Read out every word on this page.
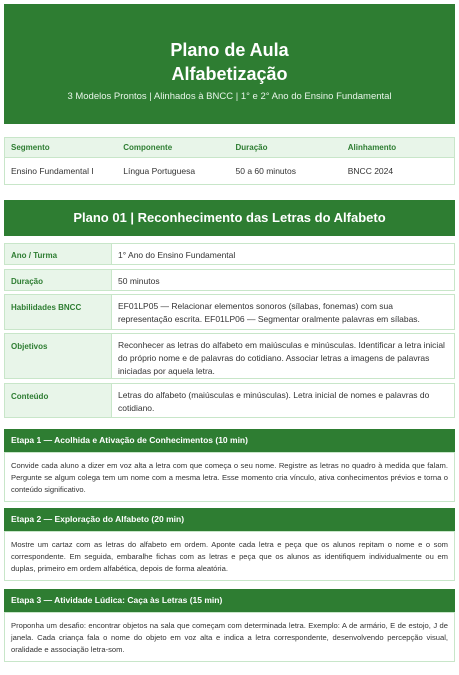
Plano de Aula
Alfabetização
3 Modelos Prontos | Alinhados à BNCC | 1° e 2° Ano do Ensino Fundamental
Segmento	Componente	Duração	Alinhamento
Ensino Fundamental I	Língua Portuguesa	50 a 60 minutos	BNCC 2024
Plano 01 | Reconhecimento das Letras do Alfabeto
Ano / Turma	1° Ano do Ensino Fundamental
Duração	50 minutos
Habilidades BNCC	EF01LP05 — Relacionar elementos sonoros (sílabas, fonemas) com sua representação escrita. EF01LP06 — Segmentar oralmente palavras em sílabas.
Objetivos	Reconhecer as letras do alfabeto em maiúsculas e minúsculas. Identificar a letra inicial do próprio nome e de palavras do cotidiano. Associar letras a imagens de palavras iniciadas por aquela letra.
Conteúdo	Letras do alfabeto (maiúsculas e minúsculas). Letra inicial de nomes e palavras do cotidiano.
Etapa 1 — Acolhida e Ativação de Conhecimentos (10 min)
Convide cada aluno a dizer em voz alta a letra com que começa o seu nome. Registre as letras no quadro à medida que falam. Pergunte se algum colega tem um nome com a mesma letra. Esse momento cria vínculo, ativa conhecimentos prévios e torna o conteúdo significativo.
Etapa 2 — Exploração do Alfabeto (20 min)
Mostre um cartaz com as letras do alfabeto em ordem. Aponte cada letra e peça que os alunos repitam o nome e o som correspondente. Em seguida, embaralhe fichas com as letras e peça que os alunos as identifiquem individualmente ou em duplas, primeiro em ordem alfabética, depois de forma aleatória.
Etapa 3 — Atividade Lúdica: Caça às Letras (15 min)
Proponha um desafio: encontrar objetos na sala que começam com determinada letra. Exemplo: A de armário, E de estojo, J de janela. Cada criança fala o nome do objeto em voz alta e indica a letra correspondente, desenvolvendo percepção visual, oralidade e associação letra-som.
